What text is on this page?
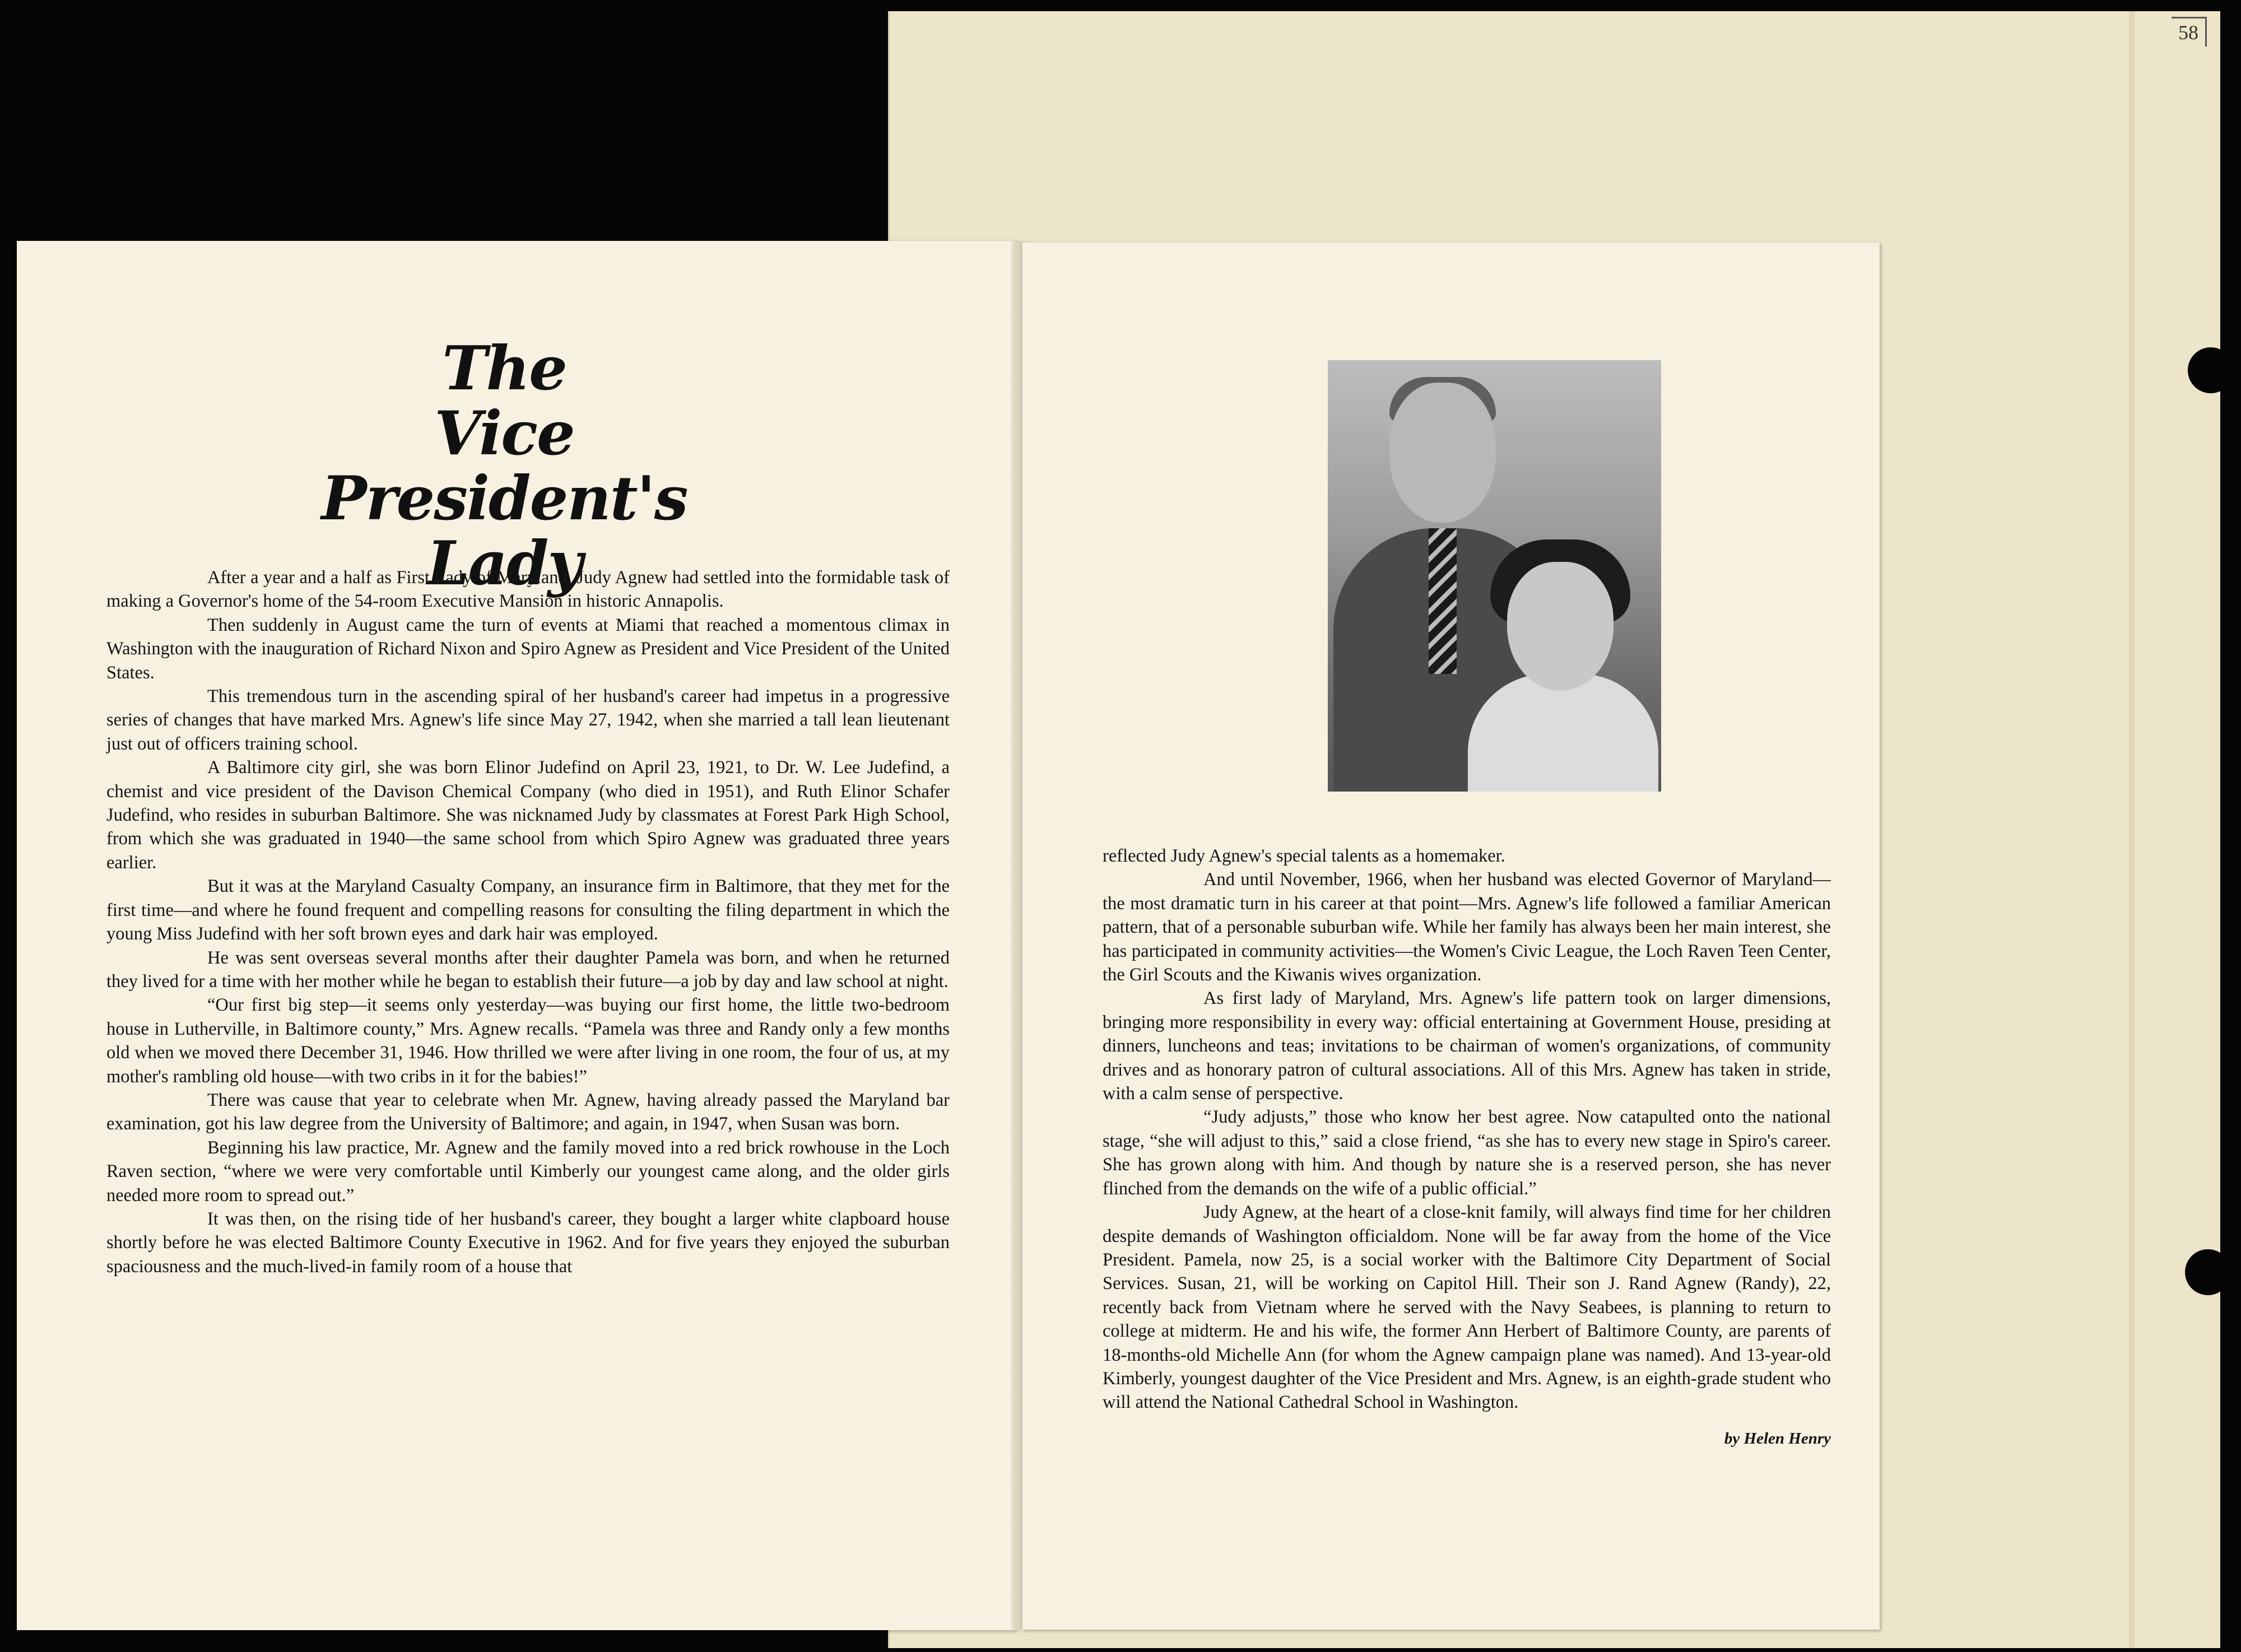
58
The
Vice President's
Lady

After a year and a half as First Lady of Maryland, Judy Agnew had settled into the formidable task of making a Governor's home of the 54-room Executive Mansion in historic Annapolis.

Then suddenly in August came the turn of events at Miami that reached a momentous climax in Washington with the inauguration of Richard Nixon and Spiro Agnew as President and Vice President of the United States.

This tremendous turn in the ascending spiral of her husband's career had impetus in a progressive series of changes that have marked Mrs. Agnew's life since May 27, 1942, when she married a tall lean lieutenant just out of officers training school.

A Baltimore city girl, she was born Elinor Judefind on April 23, 1921, to Dr. W. Lee Judefind, a chemist and vice president of the Davison Chemical Company (who died in 1951), and Ruth Elinor Schafer Judefind, who resides in suburban Baltimore. She was nicknamed Judy by classmates at Forest Park High School, from which she was graduated in 1940—the same school from which Spiro Agnew was graduated three years earlier.

But it was at the Maryland Casualty Company, an insurance firm in Baltimore, that they met for the first time—and where he found frequent and compelling reasons for consulting the filing department in which the young Miss Judefind with her soft brown eyes and dark hair was employed.

He was sent overseas several months after their daughter Pamela was born, and when he returned they lived for a time with her mother while he began to establish their future—a job by day and law school at night.

“Our first big step—it seems only yesterday—was buying our first home, the little two-bedroom house in Lutherville, in Baltimore county,” Mrs. Agnew recalls. “Pamela was three and Randy only a few months old when we moved there December 31, 1946. How thrilled we were after living in one room, the four of us, at my mother's rambling old house—with two cribs in it for the babies!”

There was cause that year to celebrate when Mr. Agnew, having already passed the Maryland bar examination, got his law degree from the University of Baltimore; and again, in 1947, when Susan was born.

Beginning his law practice, Mr. Agnew and the family moved into a red brick rowhouse in the Loch Raven section, “where we were very comfortable until Kimberly our youngest came along, and the older girls needed more room to spread out.”

It was then, on the rising tide of her husband's career, they bought a larger white clapboard house shortly before he was elected Baltimore County Executive in 1962. And for five years they enjoyed the suburban spaciousness and the much-lived-in family room of a house that

reflected Judy Agnew's special talents as a homemaker.

And until November, 1966, when her husband was elected Governor of Maryland—the most dramatic turn in his career at that point—Mrs. Agnew's life followed a familiar American pattern, that of a personable suburban wife. While her family has always been her main interest, she has participated in community activities—the Women's Civic League, the Loch Raven Teen Center, the Girl Scouts and the Kiwanis wives organization.

As first lady of Maryland, Mrs. Agnew's life pattern took on larger dimensions, bringing more responsibility in every way: official entertaining at Government House, presiding at dinners, luncheons and teas; invitations to be chairman of women's organizations, of community drives and as honorary patron of cultural associations. All of this Mrs. Agnew has taken in stride, with a calm sense of perspective.

“Judy adjusts,” those who know her best agree. Now catapulted onto the national stage, “she will adjust to this,” said a close friend, “as she has to every new stage in Spiro's career. She has grown along with him. And though by nature she is a reserved person, she has never flinched from the demands on the wife of a public official.”

Judy Agnew, at the heart of a close-knit family, will always find time for her children despite demands of Washington officialdom. None will be far away from the home of the Vice President. Pamela, now 25, is a social worker with the Baltimore City Department of Social Services. Susan, 21, will be working on Capitol Hill. Their son J. Rand Agnew (Randy), 22, recently back from Vietnam where he served with the Navy Seabees, is planning to return to college at midterm. He and his wife, the former Ann Herbert of Baltimore County, are parents of 18-months-old Michelle Ann (for whom the Agnew campaign plane was named). And 13-year-old Kimberly, youngest daughter of the Vice President and Mrs. Agnew, is an eighth-grade student who will attend the National Cathedral School in Washington.

by Helen Henry
